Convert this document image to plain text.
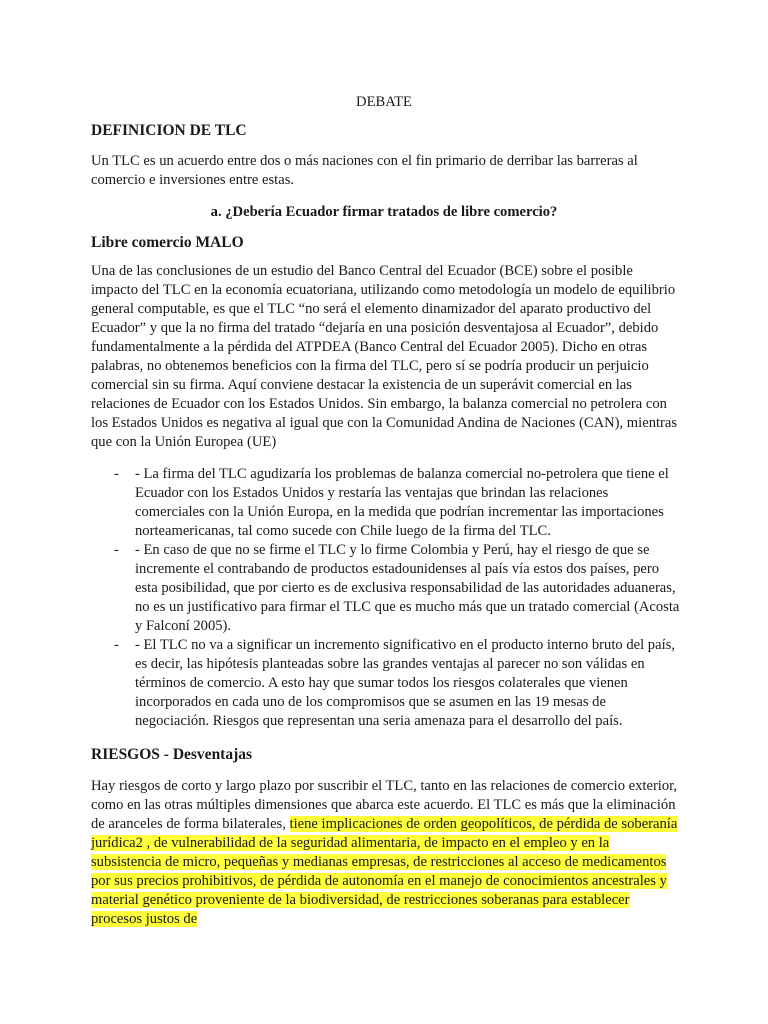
DEBATE
DEFINICION DE TLC

Un TLC es un acuerdo entre dos o más naciones con el fin primario de derribar las barreras al comercio e inversiones entre estas.

a. ¿Debería Ecuador firmar tratados de libre comercio?

Libre comercio MALO

Una de las conclusiones de un estudio del Banco Central del Ecuador (BCE) sobre el posible impacto del TLC en la economía ecuatoriana, utilizando como metodología un modelo de equilibrio general computable, es que el TLC “no será el elemento dinamizador del aparato productivo del Ecuador” y que la no firma del tratado “dejaría en una posición desventajosa al Ecuador”, debido fundamentalmente a la pérdida del ATPDEA (Banco Central del Ecuador 2005). Dicho en otras palabras, no obtenemos beneficios con la firma del TLC, pero sí se podría producir un perjuicio comercial sin su firma. Aquí conviene destacar la existencia de un superávit comercial en las relaciones de Ecuador con los Estados Unidos. Sin embargo, la balanza comercial no petrolera con los Estados Unidos es negativa al igual que con la Comunidad Andina de Naciones (CAN), mientras que con la Unión Europea (UE)

- - La firma del TLC agudizaría los problemas de balanza comercial no-petrolera que tiene el Ecuador con los Estados Unidos y restaría las ventajas que brindan las relaciones comerciales con la Unión Europa, en la medida que podrían incrementar las importaciones norteamericanas, tal como sucede con Chile luego de la firma del TLC.
- - En caso de que no se firme el TLC y lo firme Colombia y Perú, hay el riesgo de que se incremente el contrabando de productos estadounidenses al país vía estos dos países, pero esta posibilidad, que por cierto es de exclusiva responsabilidad de las autoridades aduaneras, no es un justificativo para firmar el TLC que es mucho más que un tratado comercial (Acosta y Falconí 2005).
- - El TLC no va a significar un incremento significativo en el producto interno bruto del país, es decir, las hipótesis planteadas sobre las grandes ventajas al parecer no son válidas en términos de comercio. A esto hay que sumar todos los riesgos colaterales que vienen incorporados en cada uno de los compromisos que se asumen en las 19 mesas de negociación. Riesgos que representan una seria amenaza para el desarrollo del país.
RIESGOS - Desventajas

Hay riesgos de corto y largo plazo por suscribir el TLC, tanto en las relaciones de comercio exterior, como en las otras múltiples dimensiones que abarca este acuerdo. El TLC es más que la eliminación de aranceles de forma bilaterales, tiene implicaciones de orden geopolíticos, de pérdida de soberanía jurídica2 , de vulnerabilidad de la seguridad alimentaria, de impacto en el empleo y en la subsistencia de micro, pequeñas y medianas empresas, de restricciones al acceso de medicamentos por sus precios prohibitivos, de pérdida de autonomía en el manejo de conocimientos ancestrales y material genético proveniente de la biodiversidad, de restricciones soberanas para establecer procesos justos de
